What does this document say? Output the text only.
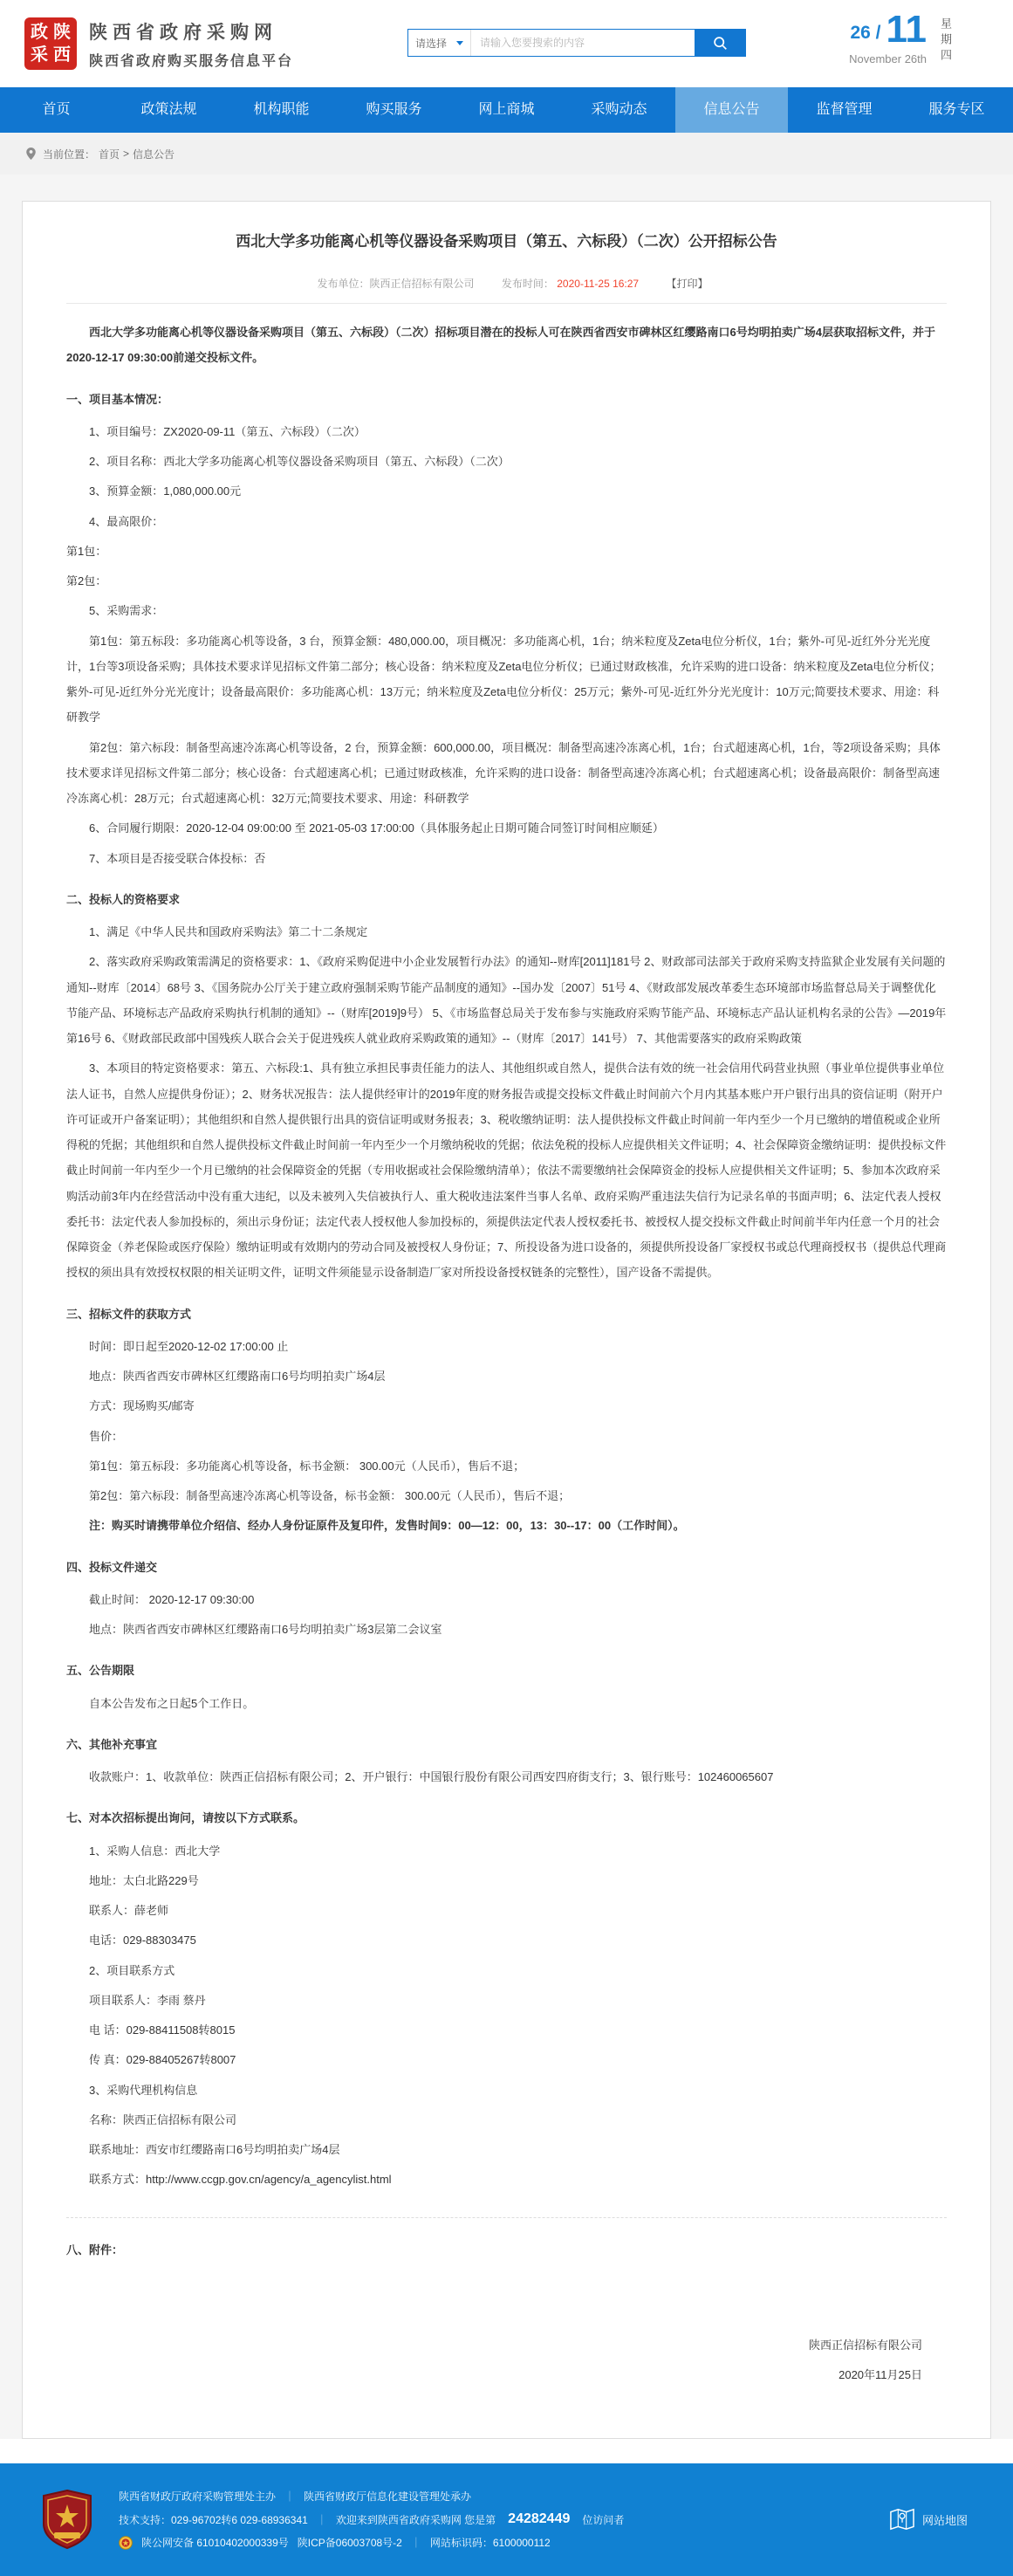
政 陕
采 西
陕西省政府采购网
陕西省政府购买服务信息平台
请选择
请输入您要搜索的内容
26 / 11
November 26th 星期四
首页	政策法规	机构职能	购买服务	网上商城	采购动态	信息公告	监督管理	服务专区
当前位置： 首页 > 信息公告
西北大学多功能离心机等仪器设备采购项目（第五、六标段）（二次）公开招标公告
发布单位：陕西正信招标有限公司	发布时间： 2020-11-25 16:27	【打印】

西北大学多功能离心机等仪器设备采购项目（第五、六标段）（二次）招标项目潜在的投标人可在陕西省西安市碑林区红缨路南口6号均明拍卖广场4层获取招标文件，并于2020-12-17 09:30:00前递交投标文件。

一、项目基本情况：

1、项目编号：ZX2020-09-11（第五、六标段）（二次）

2、项目名称：西北大学多功能离心机等仪器设备采购项目（第五、六标段）（二次）

3、预算金额：1,080,000.00元

4、最高限价：

第1包：

第2包：

5、采购需求：

第1包：第五标段：多功能离心机等设备，3 台，预算金额：480,000.00，项目概况：多功能离心机，1台；纳米粒度及Zeta电位分析仪，1台；紫外-可见-近红外分光光度计，1台等3项设备采购；具体技术要求详见招标文件第二部分；核心设备：纳米粒度及Zeta电位分析仪；已通过财政核准，允许采购的进口设备：纳米粒度及Zeta电位分析仪；紫外-可见-近红外分光光度计；设备最高限价：多功能离心机：13万元；纳米粒度及Zeta电位分析仪：25万元；紫外-可见-近红外分光光度计：10万元;简要技术要求、用途：科研教学

第2包：第六标段：制备型高速冷冻离心机等设备，2 台，预算金额：600,000.00，项目概况：制备型高速冷冻离心机，1台；台式超速离心机，1台，等2项设备采购；具体技术要求详见招标文件第二部分；核心设备：台式超速离心机；已通过财政核准，允许采购的进口设备：制备型高速冷冻离心机；台式超速离心机；设备最高限价：制备型高速冷冻离心机：28万元；台式超速离心机：32万元;简要技术要求、用途：科研教学

6、合同履行期限：2020-12-04 09:00:00 至 2021-05-03 17:00:00（具体服务起止日期可随合同签订时间相应顺延）

7、本项目是否接受联合体投标：否

二、投标人的资格要求

1、满足《中华人民共和国政府采购法》第二十二条规定

2、落实政府采购政策需满足的资格要求：1、《政府采购促进中小企业发展暂行办法》的通知--财库[2011]181号 2、财政部司法部关于政府采购支持监狱企业发展有关问题的通知--财库〔2014〕68号 3、《国务院办公厅关于建立政府强制采购节能产品制度的通知》--国办发〔2007〕51号 4、《财政部发展改革委生态环境部市场监督总局关于调整优化节能产品、环境标志产品政府采购执行机制的通知》--（财库[2019]9号） 5、《市场监督总局关于发布参与实施政府采购节能产品、环境标志产品认证机构名录的公告》—2019年第16号 6、《财政部民政部中国残疾人联合会关于促进残疾人就业政府采购政策的通知》--（财库〔2017〕141号） 7、其他需要落实的政府采购政策

3、本项目的特定资格要求：第五、六标段:1、具有独立承担民事责任能力的法人、其他组织或自然人，提供合法有效的统一社会信用代码营业执照（事业单位提供事业单位法人证书，自然人应提供身份证）；2、财务状况报告：法人提供经审计的2019年度的财务报告或提交投标文件截止时间前六个月内其基本账户开户银行出具的资信证明（附开户许可证或开户备案证明）；其他组织和自然人提供银行出具的资信证明或财务报表；3、税收缴纳证明：法人提供投标文件截止时间前一年内至少一个月已缴纳的增值税或企业所得税的凭据；其他组织和自然人提供投标文件截止时间前一年内至少一个月缴纳税收的凭据；依法免税的投标人应提供相关文件证明；4、社会保障资金缴纳证明：提供投标文件截止时间前一年内至少一个月已缴纳的社会保障资金的凭据（专用收据或社会保险缴纳清单）；依法不需要缴纳社会保障资金的投标人应提供相关文件证明；5、参加本次政府采购活动前3年内在经营活动中没有重大违纪，以及未被列入失信被执行人、重大税收违法案件当事人名单、政府采购严重违法失信行为记录名单的书面声明；6、法定代表人授权委托书：法定代表人参加投标的，须出示身份证；法定代表人授权他人参加投标的，须提供法定代表人授权委托书、被授权人提交投标文件截止时间前半年内任意一个月的社会保障资金（养老保险或医疗保险）缴纳证明或有效期内的劳动合同及被授权人身份证；7、所投设备为进口设备的，须提供所投设备厂家授权书或总代理商授权书（提供总代理商授权的须出具有效授权权限的相关证明文件，证明文件须能显示设备制造厂家对所投设备授权链条的完整性），国产设备不需提供。

三、招标文件的获取方式

时间：即日起至2020-12-02 17:00:00 止

地点：陕西省西安市碑林区红缨路南口6号均明拍卖广场4层

方式：现场购买/邮寄

售价：

第1包：第五标段：多功能离心机等设备，标书金额： 300.00元（人民币），售后不退；

第2包：第六标段：制备型高速冷冻离心机等设备，标书金额： 300.00元（人民币），售后不退；

注：购买时请携带单位介绍信、经办人身份证原件及复印件，发售时间9：00—12：00，13：30--17：00（工作时间）。

四、投标文件递交

截止时间： 2020-12-17 09:30:00

地点：陕西省西安市碑林区红缨路南口6号均明拍卖广场3层第二会议室

五、公告期限

自本公告发布之日起5个工作日。

六、其他补充事宜

收款账户：1、收款单位：陕西正信招标有限公司；2、开户银行：中国银行股份有限公司西安四府街支行；3、银行账号：102460065607

七、对本次招标提出询问，请按以下方式联系。

1、采购人信息：西北大学

地址：太白北路229号

联系人：薛老师

电话：029-88303475

2、项目联系方式

项目联系人：李雨 蔡丹

电 话：029-88411508转8015

传 真：029-88405267转8007

3、采购代理机构信息

名称：陕西正信招标有限公司

联系地址：西安市红缨路南口6号均明拍卖广场4层

联系方式：http://www.ccgp.gov.cn/agency/a_agencylist.html

八、附件：

陕西正信招标有限公司
2020年11月25日
陕西省财政厅政府采购管理处主办 ｜ 陕西省财政厅信息化建设管理处承办
技术支持：029-96702转6 029-68936341 ｜ 欢迎来到陕西省政府采购网 您是第 24282449 位访问者
陕公网安备 61010402000339号 陕ICP备06003708号-2 ｜ 网站标识码：6100000112
网站地图
